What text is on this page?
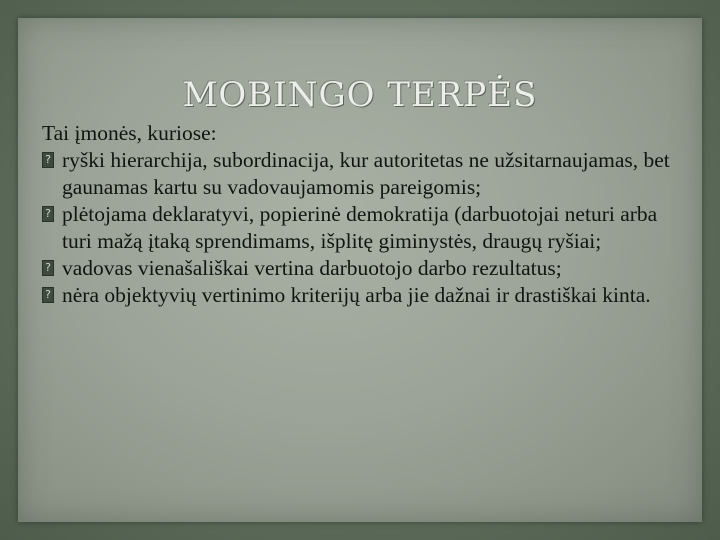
MOBINGO TERPĖS

Tai įmonės, kuriose:

? ryški hierarchija, subordinacija, kur autoritetas ne užsitarnaujamas, bet gaunamas kartu su vadovaujamomis pareigomis;
? plėtojama deklaratyvi, popierinė demokratija (darbuotojai neturi arba turi mažą įtaką sprendimams, išplitę giminystės, draugų ryšiai;
? vadovas vienašališkai vertina darbuotojo darbo rezultatus;
? nėra objektyvių vertinimo kriterijų arba jie dažnai ir drastiškai kinta.
